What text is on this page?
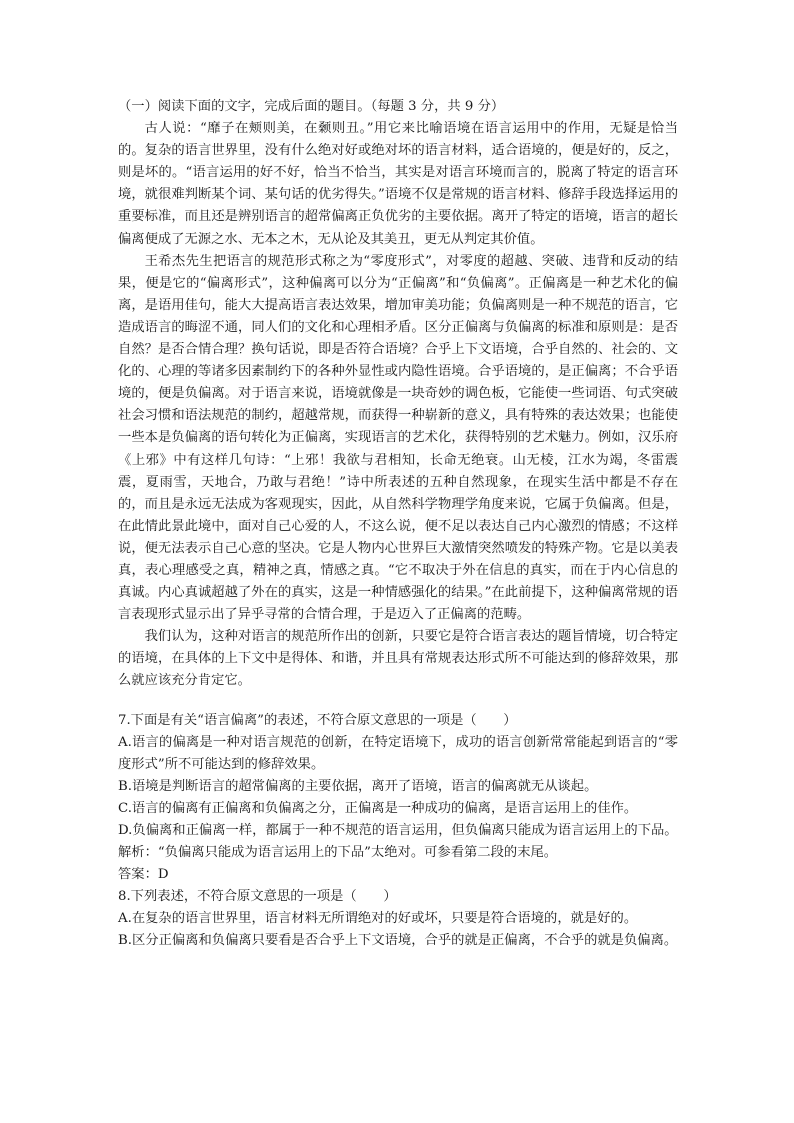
（一）阅读下面的文字，完成后面的题目。（每题 3 分，共 9 分）

古人说：“靡子在颊则美，在颡则丑。”用它来比喻语境在语言运用中的作用，无疑是恰当的。复杂的语言世界里，没有什么绝对好或绝对坏的语言材料，适合语境的，便是好的，反之，则是坏的。“语言运用的好不好，恰当不恰当，其实是对语言环境而言的，脱离了特定的语言环境，就很难判断某个词、某句话的优劣得失。”语境不仅是常规的语言材料、修辞手段选择运用的重要标准，而且还是辨别语言的超常偏离正负优劣的主要依据。离开了特定的语境，语言的超长偏离便成了无源之水、无本之木，无从论及其美丑，更无从判定其价值。

王希杰先生把语言的规范形式称之为“零度形式”，对零度的超越、突破、违背和反动的结果，便是它的“偏离形式”，这种偏离可以分为“正偏离”和“负偏离”。正偏离是一种艺术化的偏离，是语用佳句，能大大提高语言表达效果，增加审美功能；负偏离则是一种不规范的语言，它造成语言的晦涩不通，同人们的文化和心理相矛盾。区分正偏离与负偏离的标准和原则是：是否自然？是否合情合理？换句话说，即是否符合语境？合乎上下文语境，合乎自然的、社会的、文化的、心理的等诸多因素制约下的各种外显性或内隐性语境。合乎语境的，是正偏离；不合乎语境的，便是负偏离。对于语言来说，语境就像是一块奇妙的调色板，它能使一些词语、句式突破社会习惯和语法规范的制约，超越常规，而获得一种崭新的意义，具有特殊的表达效果；也能使一些本是负偏离的语句转化为正偏离，实现语言的艺术化，获得特别的艺术魅力。例如，汉乐府《上邪》中有这样几句诗：“上邪！我欲与君相知，长命无绝衰。山无棱，江水为竭，冬雷震震，夏雨雪，天地合，乃敢与君绝！”诗中所表述的五种自然现象，在现实生活中都是不存在的，而且是永远无法成为客观现实，因此，从自然科学物理学角度来说，它属于负偏离。但是，在此情此景此境中，面对自己心爱的人，不这么说，便不足以表达自己内心激烈的情感；不这样说，便无法表示自己心意的坚决。它是人物内心世界巨大激情突然喷发的特殊产物。它是以美表真，表心理感受之真，精神之真，情感之真。“它不取决于外在信息的真实，而在于内心信息的真诚。内心真诚超越了外在的真实，这是一种情感强化的结果。”在此前提下，这种偏离常规的语言表现形式显示出了异乎寻常的合情合理，于是迈入了正偏离的范畴。

我们认为，这种对语言的规范所作出的创新，只要它是符合语言表达的题旨情境，切合特定的语境，在具体的上下文中是得体、和谐，并且具有常规表达形式所不可能达到的修辞效果，那么就应该充分肯定它。

7.下面是有关“语言偏离”的表述，不符合原文意思的一项是（　　）

A.语言的偏离是一种对语言规范的创新，在特定语境下，成功的语言创新常常能起到语言的“零度形式”所不可能达到的修辞效果。

B.语境是判断语言的超常偏离的主要依据，离开了语境，语言的偏离就无从谈起。

C.语言的偏离有正偏离和负偏离之分，正偏离是一种成功的偏离，是语言运用上的佳作。

D.负偏离和正偏离一样，都属于一种不规范的语言运用，但负偏离只能成为语言运用上的下品。

解析：“负偏离只能成为语言运用上的下品”太绝对。可参看第二段的末尾。

答案：D

8.下列表述，不符合原文意思的一项是（　　）

A.在复杂的语言世界里，语言材料无所谓绝对的好或坏，只要是符合语境的，就是好的。

B.区分正偏离和负偏离只要看是否合乎上下文语境，合乎的就是正偏离，不合乎的就是负偏离。
